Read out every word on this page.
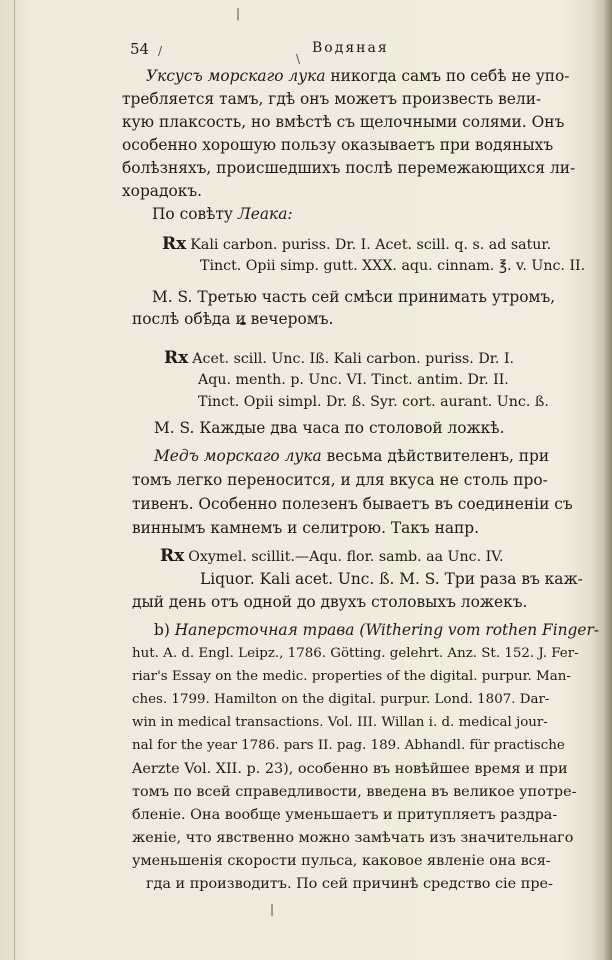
|
/
\
54	Водяная
Уксусъ морскаго лука никогда самъ по себѣ не упо-
требляется тамъ, гдѣ онъ можетъ произвесть вели-
кую плаксость, но вмѣстѣ съ щелочными солями. Онъ
особенно хорошую пользу оказываетъ при водяныхъ
болѣзняхъ, происшедшихъ послѣ перемежающихся ли-
хорадокъ.
По совѣту Леака:
Rx Kali carbon. puriss. Dr. I. Acet. scill. q. s. ad satur.
Tinct. Opii simp. gutt. XXX. aqu. cinnam. ℥. v. Unc. II.
M. S. Третью часть сей смѣси принимать утромъ,
послѣ обѣда и вечеромъ.
Rx Acet. scill. Unc. Iß. Kali carbon. puriss. Dr. I.
Aqu. menth. p. Unc. VI. Tinct. antim. Dr. II.
Tinct. Opii simpl. Dr. ß. Syr. cort. aurant. Unc. ß.
M. S. Каждые два часа по столовой ложкѣ.
Медъ морскаго лука весьма дѣйствителенъ, при
томъ легко переносится, и для вкуса не столь про-
тивенъ. Особенно полезенъ бываетъ въ соединеніи съ
виннымъ камнемъ и селитрою. Такъ напр.
Rx Oxymel. scillit.—Aqu. flor. samb. aa Unc. IV.
Liquor. Kali acet. Unc. ß. M. S. Три раза въ каж-
дый день отъ одной до двухъ столовыхъ ложекъ.
b) Наперстoчная трава (Withering vom rothen Finger-
hut. A. d. Engl. Leipz., 1786. Götting. gelehrt. Anz. St. 152. J. Fer-
riar's Essay on the medic. properties of the digital. purpur. Man-
ches. 1799. Hamilton on the digital. purpur. Lond. 1807. Dar-
win in medical transactions. Vol. III. Willan i. d. medical jour-
nal for the year 1786. pars II. pag. 189. Abhandl. für practische
Aerzte Vol. XII. p. 23), особенно въ новѣйшее время и при
томъ по всей справедливости, введена въ великое употре-
бленіе. Она вообще уменьшаетъ и притупляетъ раздра-
женіе, что явственно можно замѣчать изъ значительнаго
уменьшенія скорости пульса, каковое явленіе она вся-
гда и производитъ. По сей причинѣ средство сіе пре-
|
